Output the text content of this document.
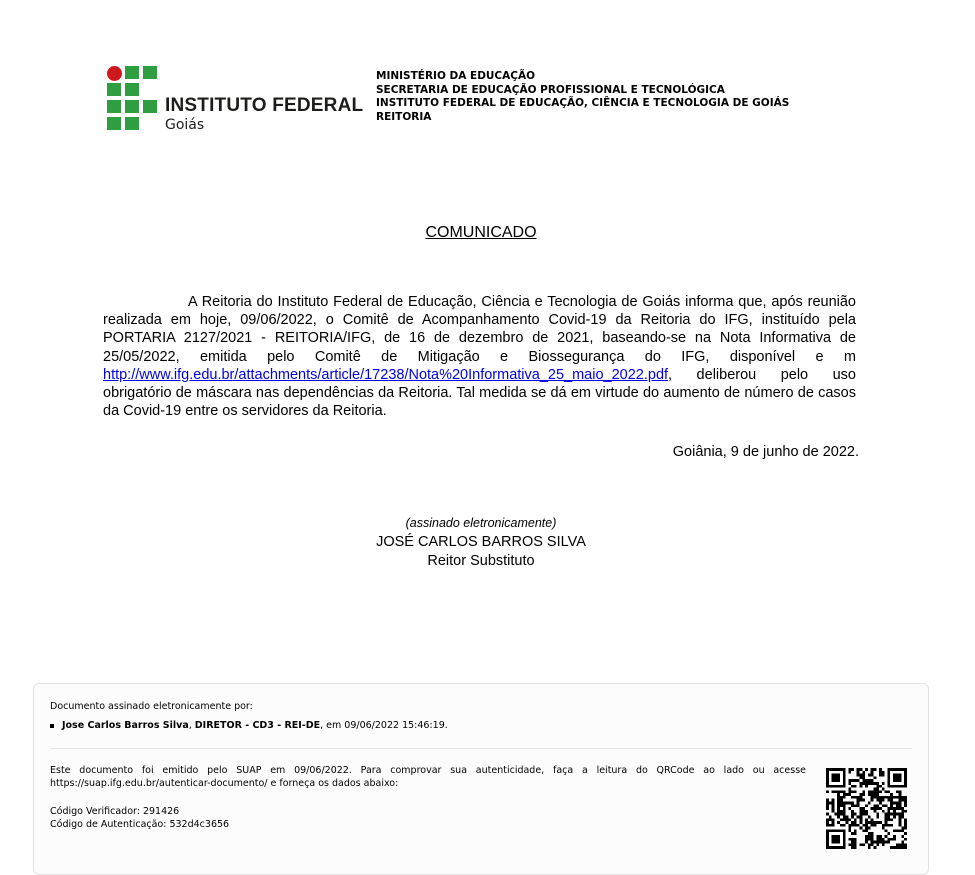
INSTITUTO FEDERAL
Goiás
MINISTÉRIO DA EDUCAÇÃO
SECRETARIA DE EDUCAÇÃO PROFISSIONAL E TECNOLÓGICA
INSTITUTO FEDERAL DE EDUCAÇÃO, CIÊNCIA E TECNOLOGIA DE GOIÁS
REITORIA
COMUNICADO
A Reitoria do Instituto Federal de Educação, Ciência e Tecnologia de Goiás informa que, após reunião realizada em hoje, 09/06/2022, o Comitê de Acompanhamento Covid-19 da Reitoria do IFG, instituído pela PORTARIA 2127/2021 - REITORIA/IFG, de 16 de dezembro de 2021, baseando-se na Nota Informativa de 25/05/2022, emitida pelo Comitê de Mitigação e Biossegurança do IFG, disponível e m http://www.ifg.edu.br/attachments/article/17238/Nota%20Informativa_25_maio_2022.pdf, deliberou pelo uso obrigatório de máscara nas dependências da Reitoria. Tal medida se dá em virtude do aumento de número de casos da Covid-19 entre os servidores da Reitoria.
Goiânia, 9 de junho de 2022.
(assinado eletronicamente)
JOSÉ CARLOS BARROS SILVA
Reitor Substituto
Documento assinado eletronicamente por:
Jose Carlos Barros Silva, DIRETOR - CD3 - REI-DE, em 09/06/2022 15:46:19.
Este documento foi emitido pelo SUAP em 09/06/2022. Para comprovar sua autenticidade, faça a leitura do QRCode ao lado ou acesse https://suap.ifg.edu.br/autenticar-documento/ e forneça os dados abaixo:
Código Verificador: 291426
Código de Autenticação: 532d4c3656
